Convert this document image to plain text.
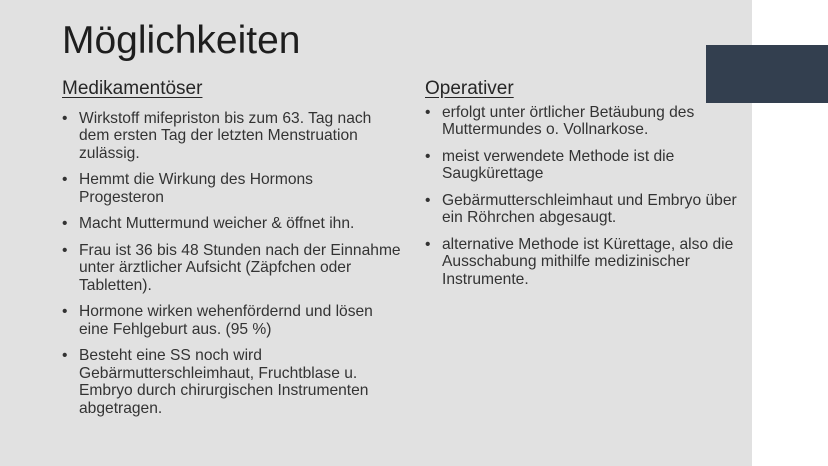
Möglichkeiten
Medikamentöser
• Wirkstoff mifepriston bis zum 63. Tag nach dem ersten Tag der letzten Menstruation zulässig.
• Hemmt die Wirkung des Hormons Progesteron
• Macht Muttermund weicher & öffnet ihn.
• Frau ist 36 bis 48 Stunden nach der Einnahme unter ärztlicher Aufsicht (Zäpfchen oder Tabletten).
• Hormone wirken wehenfördernd und lösen eine Fehlgeburt aus. (95 %)
• Besteht eine SS noch wird Gebärmutterschleimhaut, Fruchtblase u. Embryo durch chirurgischen Instrumenten abgetragen.
Operativer
• erfolgt unter örtlicher Betäubung des Muttermundes o. Vollnarkose.
• meist verwendete Methode ist die Saugkürettage
• Gebärmutterschleimhaut und Embryo über ein Röhrchen abgesaugt.
• alternative Methode ist Kürettage, also die Ausschabung mithilfe medizinischer Instrumente.
